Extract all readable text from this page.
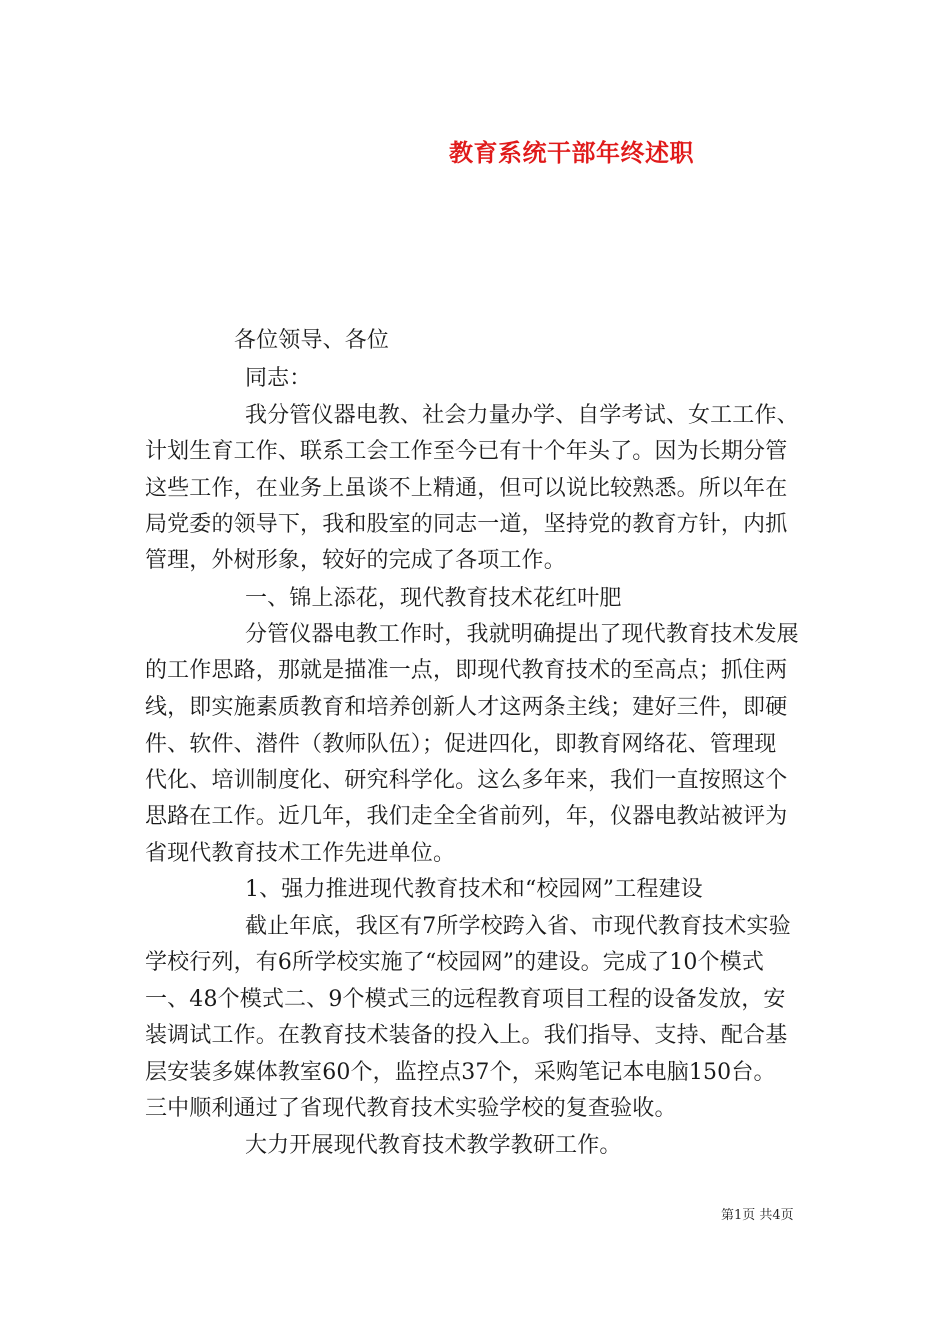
教育系统干部年终述职
各位领导、各位
同志：
我分管仪器电教、社会力量办学、自学考试、女工工作、
计划生育工作、联系工会工作至今已有十个年头了。因为长期分管
这些工作，在业务上虽谈不上精通，但可以说比较熟悉。所以年在
局党委的领导下，我和股室的同志一道，坚持党的教育方针，内抓
管理，外树形象，较好的完成了各项工作。
一、锦上添花，现代教育技术花红叶肥
分管仪器电教工作时，我就明确提出了现代教育技术发展
的工作思路，那就是描准一点，即现代教育技术的至高点；抓住两
线，即实施素质教育和培养创新人才这两条主线；建好三件，即硬
件、软件、潜件（教师队伍）；促进四化，即教育网络花、管理现
代化、培训制度化、研究科学化。这么多年来，我们一直按照这个
思路在工作。近几年，我们走全全省前列，年，仪器电教站被评为
省现代教育技术工作先进单位。
1、强力推进现代教育技术和“校园网”工程建设
截止年底，我区有7所学校跨入省、市现代教育技术实验
学校行列，有6所学校实施了“校园网”的建设。完成了10个模式
一、48个模式二、9个模式三的远程教育项目工程的设备发放，安
装调试工作。在教育技术装备的投入上。我们指导、支持、配合基
层安装多媒体教室60个，监控点37个，采购笔记本电脑150台。
三中顺利通过了省现代教育技术实验学校的复查验收。
大力开展现代教育技术教学教研工作。
第1页 共4页
